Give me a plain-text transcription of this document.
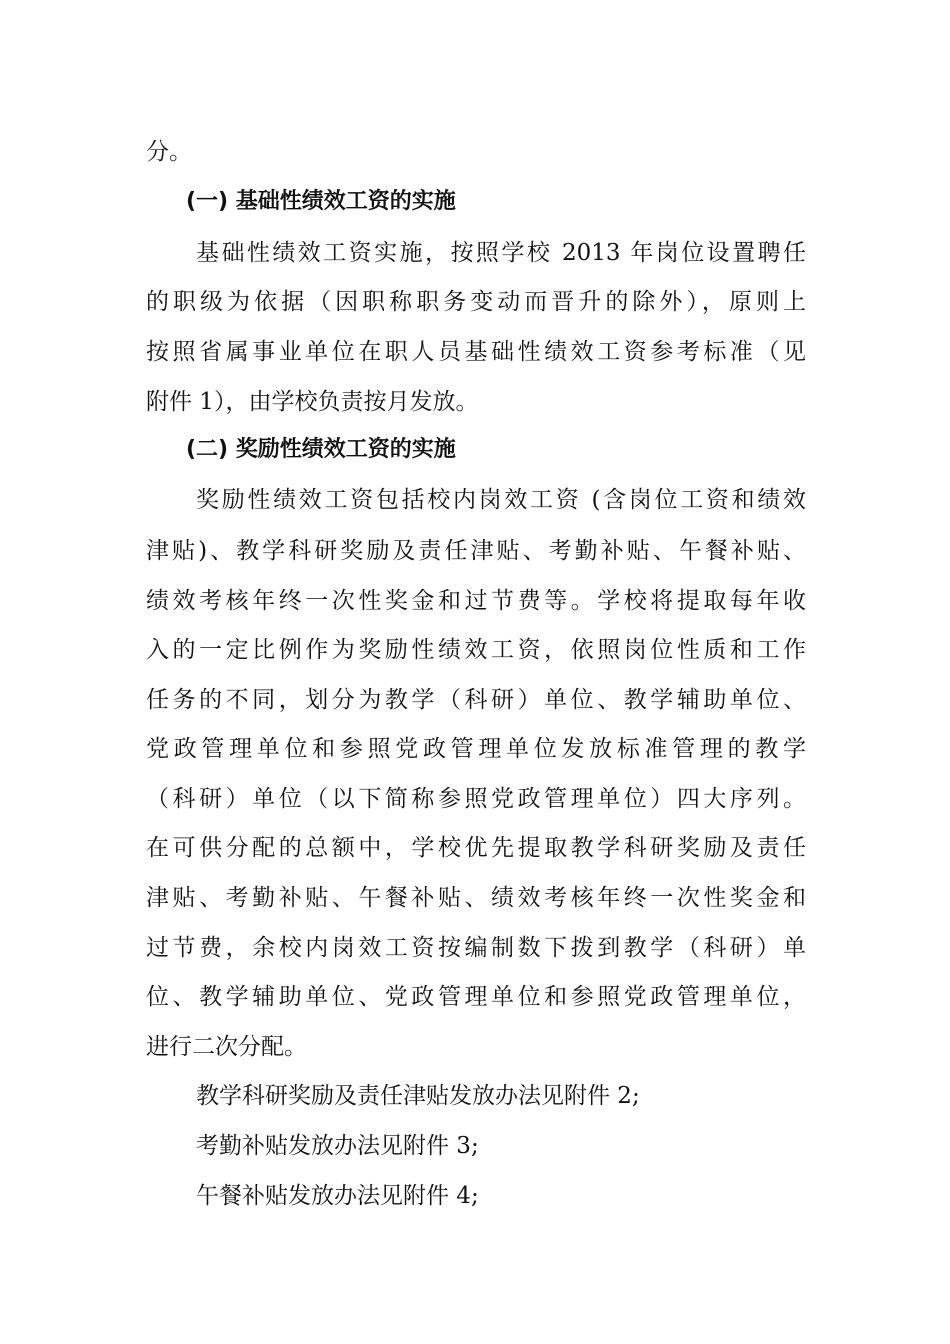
分。
(一) 基础性绩效工资的实施
基础性绩效工资实施，按照学校 2013 年岗位设置聘任
的职级为依据（因职称职务变动而晋升的除外），原则上
按照省属事业单位在职人员基础性绩效工资参考标准（见
附件 1），由学校负责按月发放。
(二) 奖励性绩效工资的实施
奖励性绩效工资包括校内岗效工资 (含岗位工资和绩效
津贴)、教学科研奖励及责任津贴、考勤补贴、午餐补贴、
绩效考核年终一次性奖金和过节费等。学校将提取每年收
入的一定比例作为奖励性绩效工资，依照岗位性质和工作
任务的不同，划分为教学（科研）单位、教学辅助单位、
党政管理单位和参照党政管理单位发放标准管理的教学
（科研）单位（以下简称参照党政管理单位）四大序列。
在可供分配的总额中，学校优先提取教学科研奖励及责任
津贴、考勤补贴、午餐补贴、绩效考核年终一次性奖金和
过节费，余校内岗效工资按编制数下拨到教学（科研）单
位、教学辅助单位、党政管理单位和参照党政管理单位，
进行二次分配。
教学科研奖励及责任津贴发放办法见附件 2;
考勤补贴发放办法见附件 3;
午餐补贴发放办法见附件 4;
